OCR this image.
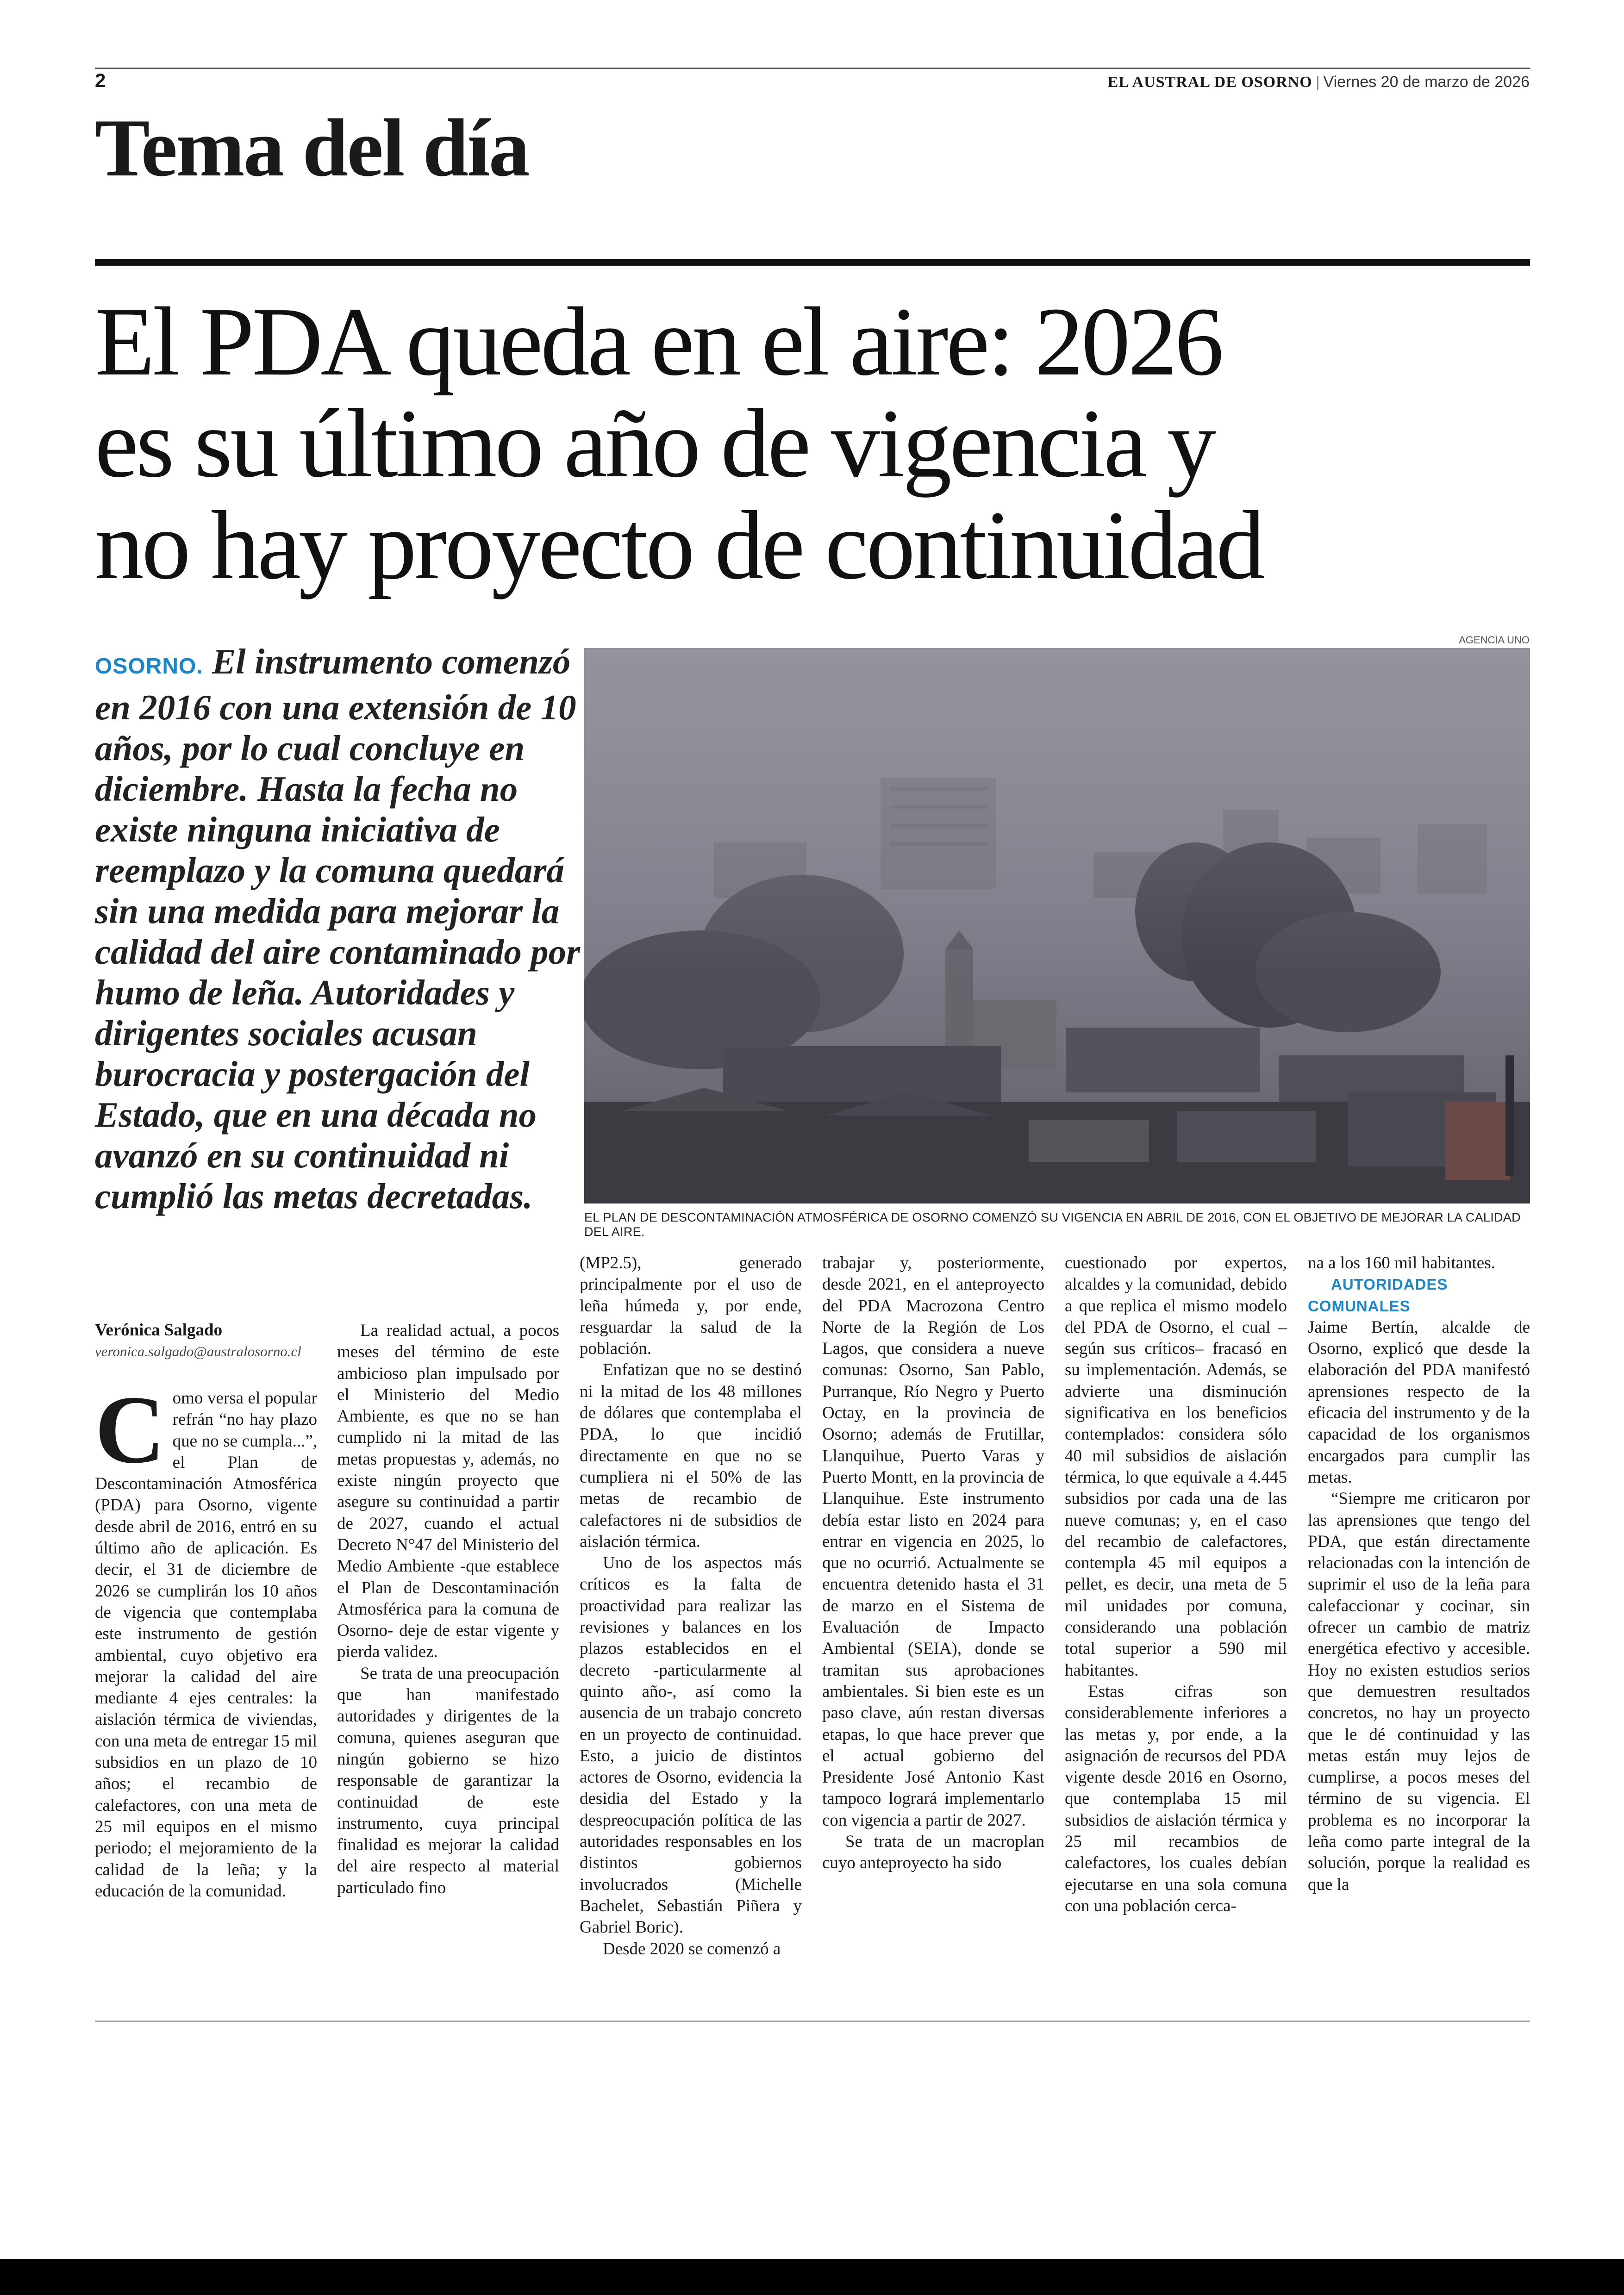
2	EL AUSTRAL DE OSORNO | Viernes 20 de marzo de 2026
Tema del día
El PDA queda en el aire: 2026
es su último año de vigencia y
no hay proyecto de continuidad
OSORNO. El instrumento comenzó en 2016 con una extensión de 10 años, por lo cual concluye en diciembre. Hasta la fecha no existe ninguna iniciativa de reemplazo y la comuna quedará sin una medida para mejorar la calidad del aire contaminado por humo de leña. Autoridades y dirigentes sociales acusan burocracia y postergación del Estado, que en una década no avanzó en su continuidad ni cumplió las metas decretadas.
AGENCIA UNO
EL PLAN DE DESCONTAMINACIÓN ATMOSFÉRICA DE OSORNO COMENZÓ SU VIGENCIA EN ABRIL DE 2016, CON EL OBJETIVO DE MEJORAR LA CALIDAD DEL AIRE.
Verónica Salgado
veronica.salgado@australosorno.cl
C omo versa el popular refrán “no hay plazo que no se cumpla...”, el Plan de Descontaminación Atmosférica (PDA) para Osorno, vigente desde abril de 2016, entró en su último año de aplicación. Es decir, el 31 de diciembre de 2026 se cumplirán los 10 años de vigencia que contemplaba este instrumento de gestión ambiental, cuyo objetivo era mejorar la calidad del aire mediante 4 ejes centrales: la aislación térmica de viviendas, con una meta de entregar 15 mil subsidios en un plazo de 10 años; el recambio de calefactores, con una meta de 25 mil equipos en el mismo periodo; el mejoramiento de la calidad de la leña; y la educación de la comunidad.

La realidad actual, a pocos meses del término de este ambicioso plan impulsado por el Ministerio del Medio Ambiente, es que no se han cumplido ni la mitad de las metas propuestas y, además, no existe ningún proyecto que asegure su continuidad a partir de 2027, cuando el actual Decreto N°47 del Ministerio del Medio Ambiente -que establece el Plan de Descontaminación Atmosférica para la comuna de Osorno- deje de estar vigente y pierda validez.

Se trata de una preocupación que han manifestado autoridades y dirigentes de la comuna, quienes aseguran que ningún gobierno se hizo responsable de garantizar la continuidad de este instrumento, cuya principal finalidad es mejorar la calidad del aire respecto al material particulado fino

(MP2.5), generado principalmente por el uso de leña húmeda y, por ende, resguardar la salud de la población.

Enfatizan que no se destinó ni la mitad de los 48 millones de dólares que contemplaba el PDA, lo que incidió directamente en que no se cumpliera ni el 50% de las metas de recambio de calefactores ni de subsidios de aislación térmica.

Uno de los aspectos más críticos es la falta de proactividad para realizar las revisiones y balances en los plazos establecidos en el decreto -particularmente al quinto año-, así como la ausencia de un trabajo concreto en un proyecto de continuidad. Esto, a juicio de distintos actores de Osorno, evidencia la desidia del Estado y la despreocupación política de las autoridades responsables en los distintos gobiernos involucrados (Michelle Bachelet, Sebastián Piñera y Gabriel Boric).

Desde 2020 se comenzó a

trabajar y, posteriormente, desde 2021, en el anteproyecto del PDA Macrozona Centro Norte de la Región de Los Lagos, que considera a nueve comunas: Osorno, San Pablo, Purranque, Río Negro y Puerto Octay, en la provincia de Osorno; además de Frutillar, Llanquihue, Puerto Varas y Puerto Montt, en la provincia de Llanquihue. Este instrumento debía estar listo en 2024 para entrar en vigencia en 2025, lo que no ocurrió. Actualmente se encuentra detenido hasta el 31 de marzo en el Sistema de Evaluación de Impacto Ambiental (SEIA), donde se tramitan sus aprobaciones ambientales. Si bien este es un paso clave, aún restan diversas etapas, lo que hace prever que el actual gobierno del Presidente José Antonio Kast tampoco logrará implementarlo con vigencia a partir de 2027.

Se trata de un macroplan cuyo anteproyecto ha sido

cuestionado por expertos, alcaldes y la comunidad, debido a que replica el mismo modelo del PDA de Osorno, el cual –según sus críticos– fracasó en su implementación. Además, se advierte una disminución significativa en los beneficios contemplados: considera sólo 40 mil subsidios de aislación térmica, lo que equivale a 4.445 subsidios por cada una de las nueve comunas; y, en el caso del recambio de calefactores, contempla 45 mil equipos a pellet, es decir, una meta de 5 mil unidades por comuna, considerando una población total superior a 590 mil habitantes.

Estas cifras son considerablemente inferiores a las metas y, por ende, a la asignación de recursos del PDA vigente desde 2016 en Osorno, que contemplaba 15 mil subsidios de aislación térmica y 25 mil recambios de calefactores, los cuales debían ejecutarse en una sola comuna con una población cerca-

na a los 160 mil habitantes.

AUTORIDADES COMUNALES

Jaime Bertín, alcalde de Osorno, explicó que desde la elaboración del PDA manifestó aprensiones respecto de la eficacia del instrumento y de la capacidad de los organismos encargados para cumplir las metas.

“Siempre me criticaron por las aprensiones que tengo del PDA, que están directamente relacionadas con la intención de suprimir el uso de la leña para calefaccionar y cocinar, sin ofrecer un cambio de matriz energética efectivo y accesible. Hoy no existen estudios serios que demuestren resultados concretos, no hay un proyecto que le dé continuidad y las metas están muy lejos de cumplirse, a pocos meses del término de su vigencia. El problema es no incorporar la leña como parte integral de la solución, porque la realidad es que la
